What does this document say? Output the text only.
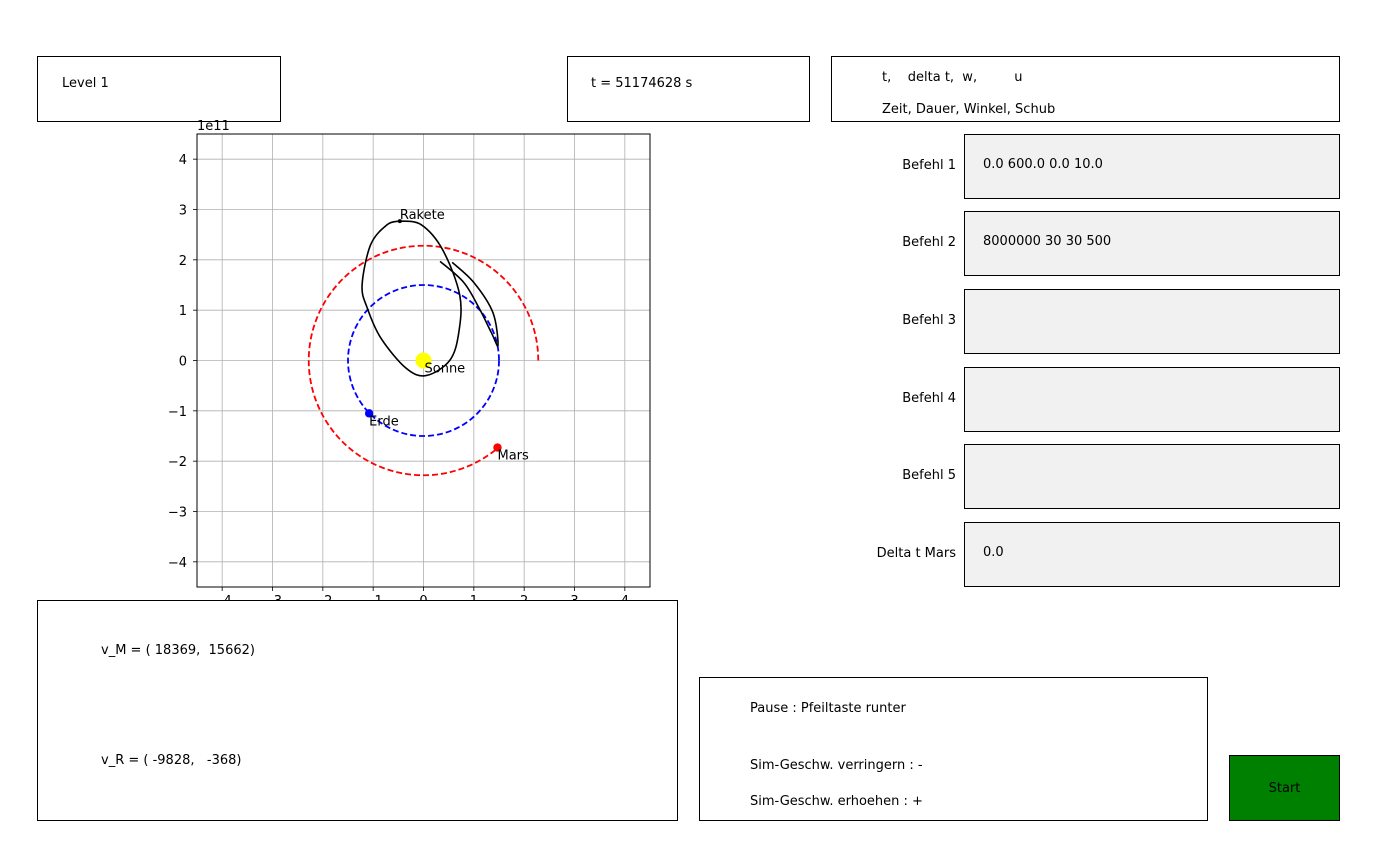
Level 1	t = 51174628 s	t,    delta t,  w,         u
Zeit, Dauer, Winkel, Schub
1e11
−4
−3
−2
−1
0
1
2
3
4
Sonne
Erde
Mars
Rakete
Befehl 1 0.0 600.0 0.0 10.0
Befehl 2 8000000 30 30 500
Befehl 3
Befehl 4
Befehl 5
Delta t Mars 0.0
v_M = ( 18369,  15662)
v_R = ( -9828,   -368)
Pause : Pfeiltaste runter
Sim-Geschw. verringern : -
Sim-Geschw. erhoehen : +
Start
